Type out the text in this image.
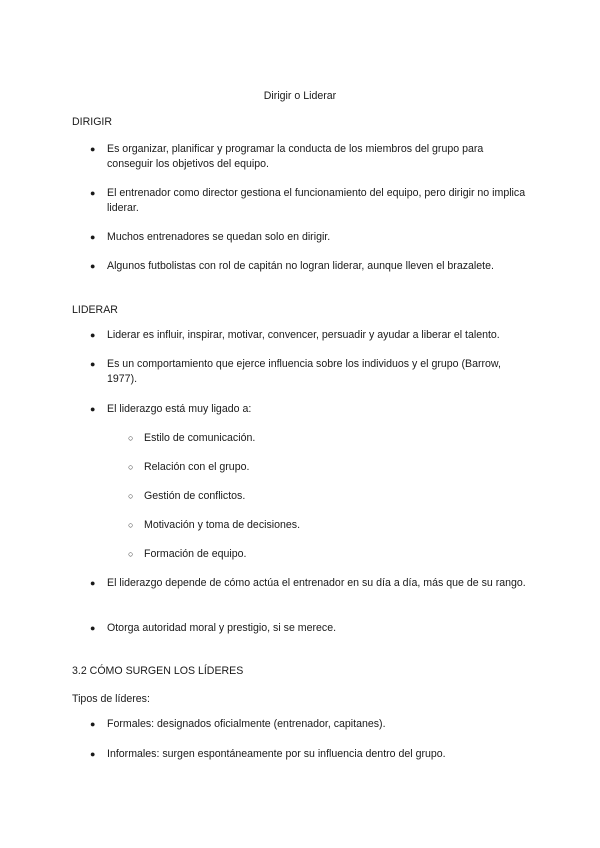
Dirigir o Liderar
DIRIGIR
●	Es organizar, planificar y programar la conducta de los miembros del grupo para conseguir los objetivos del equipo.
●	El entrenador como director gestiona el funcionamiento del equipo, pero dirigir no implica liderar.
●	Muchos entrenadores se quedan solo en dirigir.
●	Algunos futbolistas con rol de capitán no logran liderar, aunque lleven el brazalete.
LIDERAR
●	Liderar es influir, inspirar, motivar, convencer, persuadir y ayudar a liberar el talento.
●	Es un comportamiento que ejerce influencia sobre los individuos y el grupo (Barrow, 1977).
●	El liderazgo está muy ligado a:
○ Estilo de comunicación.
○ Relación con el grupo.
○ Gestión de conflictos.
○ Motivación y toma de decisiones.
○ Formación de equipo.
●	El liderazgo depende de cómo actúa el entrenador en su día a día, más que de su rango.
●	Otorga autoridad moral y prestigio, si se merece.
3.2 CÓMO SURGEN LOS LÍDERES
Tipos de líderes:
●	Formales: designados oficialmente (entrenador, capitanes).
●	Informales: surgen espontáneamente por su influencia dentro del grupo.
